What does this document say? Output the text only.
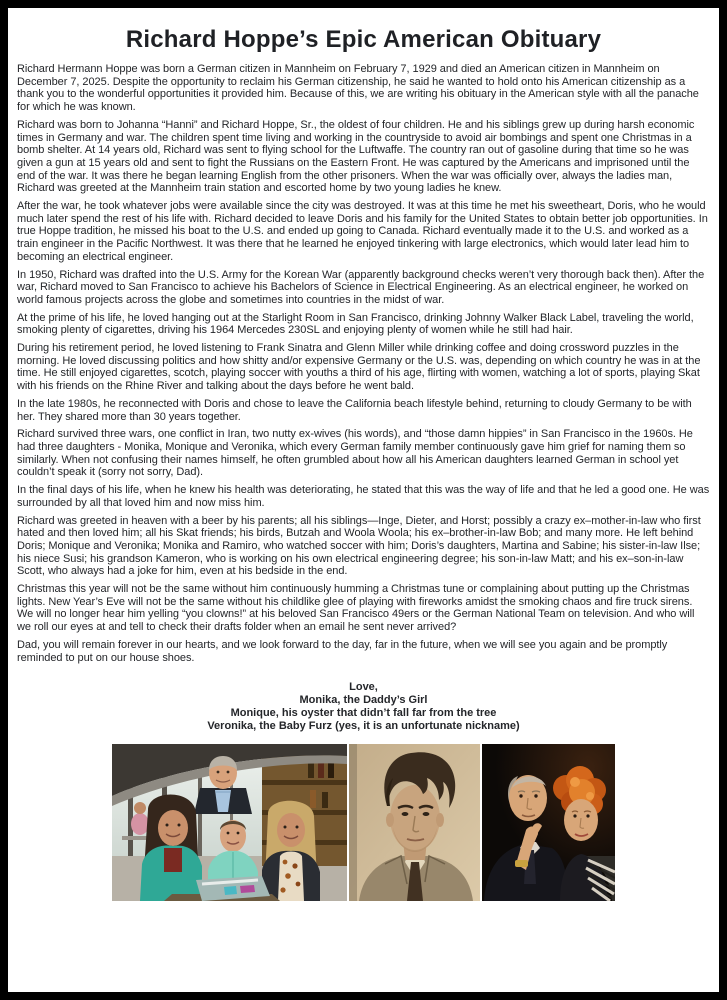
Richard Hoppe’s Epic American Obituary

Richard Hermann Hoppe was born a German citizen in Mannheim on February 7, 1929 and died an American citizen in Mannheim on December 7, 2025. Despite the opportunity to reclaim his German citizenship, he said he wanted to hold onto his American citizenship as a thank you to the wonderful opportunities it provided him. Because of this, we are writing his obituary in the American style with all the panache for which he was known.

Richard was born to Johanna “Hanni” and Richard Hoppe, Sr., the oldest of four children. He and his siblings grew up during harsh economic times in Germany and war. The children spent time living and working in the countryside to avoid air bombings and spent one Christmas in a bomb shelter. At 14 years old, Richard was sent to flying school for the Luftwaffe. The country ran out of gasoline during that time so he was given a gun at 15 years old and sent to fight the Russians on the Eastern Front. He was captured by the Americans and imprisoned until the end of the war. It was there he began learning English from the other prisoners. When the war was officially over, always the ladies man, Richard was greeted at the Mannheim train station and escorted home by two young ladies he knew.

After the war, he took whatever jobs were available since the city was destroyed. It was at this time he met his sweetheart, Doris, who he would much later spend the rest of his life with. Richard decided to leave Doris and his family for the United States to obtain better job opportunities. In true Hoppe tradition, he missed his boat to the U.S. and ended up going to Canada. Richard eventually made it to the U.S. and worked as a train engineer in the Pacific Northwest. It was there that he learned he enjoyed tinkering with large electronics, which would later lead him to becoming an electrical engineer.

In 1950, Richard was drafted into the U.S. Army for the Korean War (apparently background checks weren’t very thorough back then). After the war, Richard moved to San Francisco to achieve his Bachelors of Science in Electrical Engineering. As an electrical engineer, he worked on world famous projects across the globe and sometimes into countries in the midst of war.

At the prime of his life, he loved hanging out at the Starlight Room in San Francisco, drinking Johnny Walker Black Label, traveling the world, smoking plenty of cigarettes, driving his 1964 Mercedes 230SL and enjoying plenty of women while he still had hair.

During his retirement period, he loved listening to Frank Sinatra and Glenn Miller while drinking coffee and doing crossword puzzles in the morning. He loved discussing politics and how shitty and/or expensive Germany or the U.S. was, depending on which country he was in at the time. He still enjoyed cigarettes, scotch, playing soccer with youths a third of his age, flirting with women, watching a lot of sports, playing Skat with his friends on the Rhine River and talking about the days before he went bald.

In the late 1980s, he reconnected with Doris and chose to leave the California beach lifestyle behind, returning to cloudy Germany to be with her. They shared more than 30 years together.

Richard survived three wars, one conflict in Iran, two nutty ex-wives (his words), and “those damn hippies” in San Francisco in the 1960s. He had three daughters - Monika, Monique and Veronika, which every German family member continuously gave him grief for naming them so similarly. When not confusing their names himself, he often grumbled about how all his American daughters learned German in school yet couldn’t speak it (sorry not sorry, Dad).

In the final days of his life, when he knew his health was deteriorating, he stated that this was the way of life and that he led a good one. He was surrounded by all that loved him and now miss him.

Richard was greeted in heaven with a beer by his parents; all his siblings—Inge, Dieter, and Horst; possibly a crazy ex–mother-in-law who first hated and then loved him; all his Skat friends; his birds, Butzah and Woola Woola; his ex–brother-in-law Bob; and many more. He left behind Doris; Monique and Veronika; Monika and Ramiro, who watched soccer with him; Doris’s daughters, Martina and Sabine; his sister-in-law Ilse; his niece Susi; his grandson Kameron, who is working on his own electrical engineering degree; his son-in-law Matt; and his ex–son-in-law Scott, who always had a joke for him, even at his bedside in the end.

Christmas this year will not be the same without him continuously humming a Christmas tune or complaining about putting up the Christmas lights. New Year’s Eve will not be the same without his childlike glee of playing with fireworks amidst the smoking chaos and fire truck sirens. We will no longer hear him yelling “you clowns!” at his beloved San Francisco 49ers or the German National Team on television. And who will we roll our eyes at and tell to check their drafts folder when an email he sent never arrived?

Dad, you will remain forever in our hearts, and we look forward to the day, far in the future, when we will see you again and be promptly reminded to put on our house shoes.

Love,
Monika, the Daddy’s Girl
Monique, his oyster that didn’t fall far from the tree
Veronika, the Baby Furz (yes, it is an unfortunate nickname)
